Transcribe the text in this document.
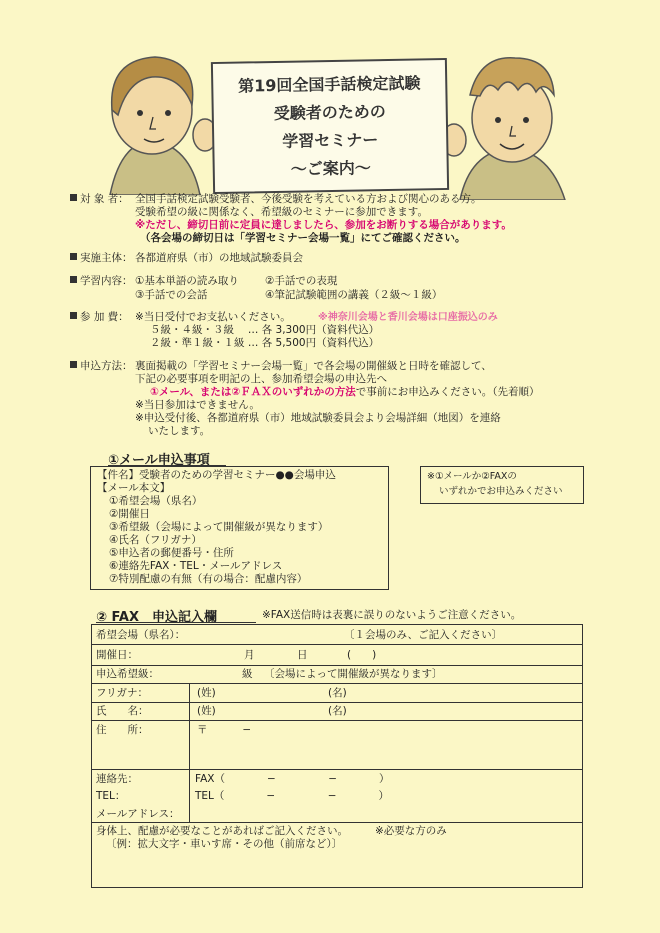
第19回全国手話検定試験
受験者のための
学習セミナー
〜ご案内〜
対 象 者： 全国手話検定試験受験者、今後受験を考えている方および関心のある方。
受験希望の級に関係なく、希望級のセミナーに参加できます。
※ただし、締切日前に定員に達しましたら、参加をお断りする場合があります。
（各会場の締切日は「学習セミナー会場一覧」にてご確認ください。
実施主体： 各都道府県（市）の地域試験委員会
学習内容： ①基本単語の読み取り ②手話での表現
③手話での会話	④筆記試験範囲の講義（２級〜１級）
参 加 費： ※当日受付でお支払いください。	※神奈川会場と香川会場は口座振込のみ
５級・４級・３級　 … 各 3,300円（資料代込）
２級・準１級・１級 … 各 5,500円（資料代込）
申込方法： 裏面掲載の「学習セミナー会場一覧」で各会場の開催級と日時を確認して、
下記の必要事項を明記の上、参加希望会場の申込先へ
①メール、または②ＦＡＸのいずれかの方法で事前にお申込みください。（先着順）
※当日参加はできません。
※申込受付後、各都道府県（市）地域試験委員会より会場詳細（地図）を連絡
いたします。
①メール申込事項
【件名】受験者のための学習セミナー●●会場申込
【メール本文】
①希望会場（県名）
②開催日
③希望級（会場によって開催級が異なります）
④氏名（フリガナ）
⑤申込者の郵便番号・住所
⑥連絡先FAX・TEL・メールアドレス
⑦特別配慮の有無（有の場合：配慮内容）
※①メールか②FAXの
いずれかでお申込みください
② FAX　申込記入欄	※FAX送信時は表裏に誤りのないようご注意ください。
希望会場（県名）：	〔１会場のみ、ご記入ください〕
開催日：	月	日	(　　)
申込希望級：	級 〔会場によって開催級が異なります〕
フリガナ：	(姓)	(名)
氏　　名：	(姓)	(名)
住　　所：	〒　　　 −
連絡先：	FAX（　　　　−　　　　　−　　　　）
TEL：	TEL（　　　　−　　　　　−　　　　）
メールアドレス：
身体上、配慮が必要なことがあればご記入ください。	※必要な方のみ
〔例：拡大文字・車いす席・その他（前席など）〕
